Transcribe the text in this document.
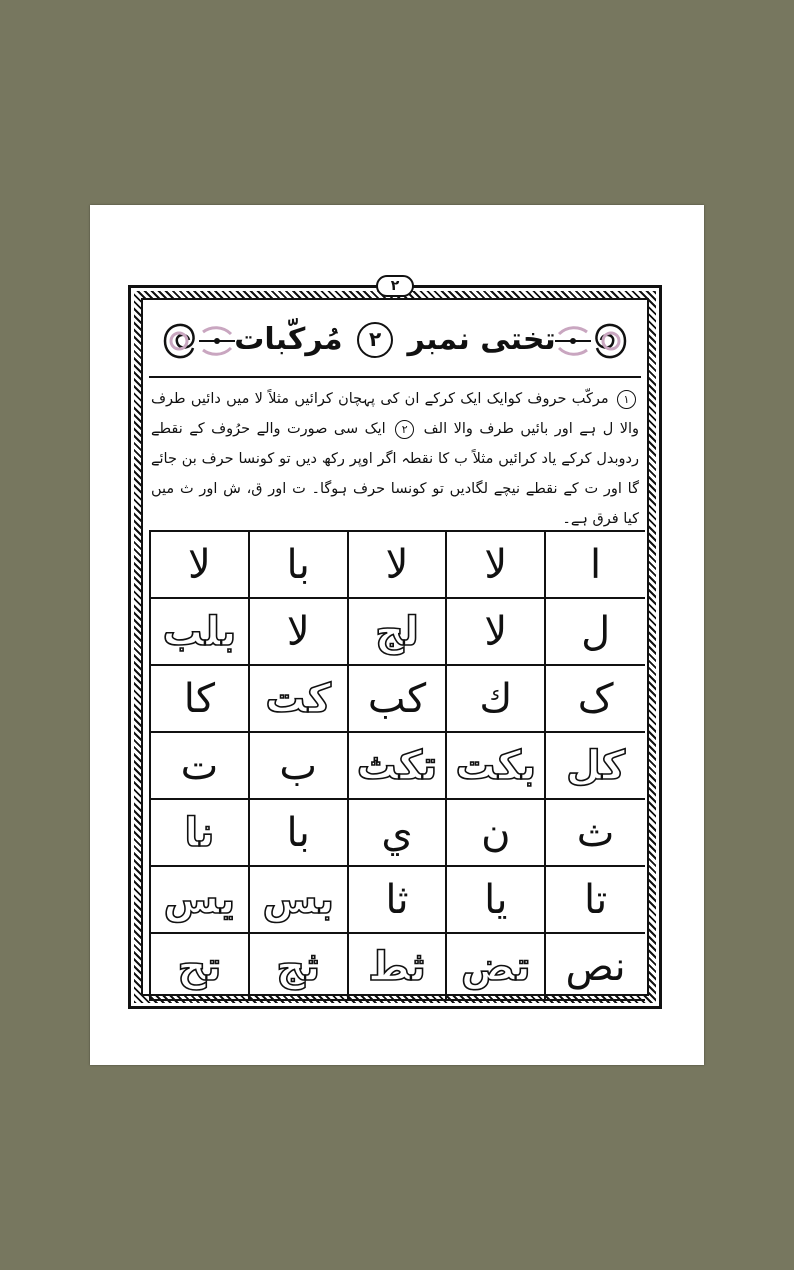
تختی نمبر ٢ مُرکّبات

١ مرکّب حروف کوایک ایک کرکے ان کی پہچان کرائیں مثلاً لا میں دائیں طرف والا ل ہے اور بائیں طرف والا الف ٢ ایک سی صورت والے حرُوف کے نقطے ردوبدل کرکے یاد کرائیں مثلاً ب کا نقطہ اگر اوپر رکھ دیں تو کونسا حرف بن جائے گا اور ت کے نقطے نیچے لگادیں تو کونسا حرف ہوگا۔ ت اور ق، ش اور ث میں کیا فرق ہے۔

ا
لا
لا
با
لا
ل
لا
لج
لا
بلب
ک
ك
کب
کت
کا
کل
بکت
تکث
ب
ت
ث
ن
ي
با
نا
تا
يا
ثا
بس
يس
نص
تض
ثط
ثج
تح
٢
